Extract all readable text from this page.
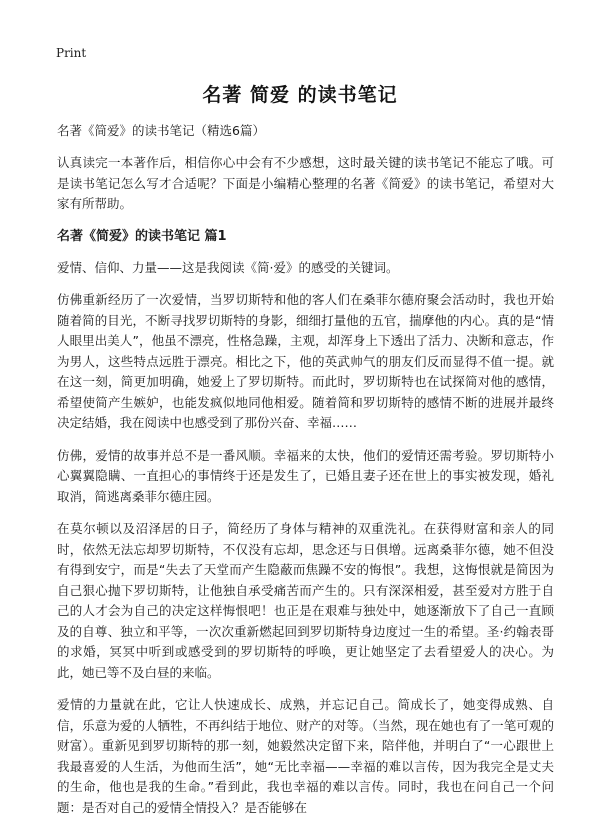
Print
名著 简爱 的读书笔记

名著《简爱》的读书笔记（精选6篇）

认真读完一本著作后，相信你心中会有不少感想，这时最关键的读书笔记不能忘了哦。可是读书笔记怎么写才合适呢？下面是小编精心整理的名著《简爱》的读书笔记，希望对大家有所帮助。

名著《简爱》的读书笔记 篇1

爱情、信仰、力量——这是我阅读《简·爱》的感受的关键词。

仿佛重新经历了一次爱情，当罗切斯特和他的客人们在桑菲尔德府聚会活动时，我也开始随着简的目光，不断寻找罗切斯特的身影，细细打量他的五官，揣摩他的内心。真的是“情人眼里出美人”，他虽不漂亮，性格急躁，主观，却浑身上下透出了活力、决断和意志，作为男人，这些特点远胜于漂亮。相比之下，他的英武帅气的朋友们反而显得不值一提。就在这一刻，简更加明确，她爱上了罗切斯特。而此时，罗切斯特也在试探简对他的感情，希望使简产生嫉妒，也能发疯似地同他相爱。随着简和罗切斯特的感情不断的进展并最终决定结婚，我在阅读中也感受到了那份兴奋、幸福……

仿佛，爱情的故事并总不是一番风顺。幸福来的太快，他们的爱情还需考验。罗切斯特小心翼翼隐瞒、一直担心的事情终于还是发生了，已婚且妻子还在世上的事实被发现，婚礼取消，简逃离桑菲尔德庄园。

在莫尔顿以及沼泽居的日子，简经历了身体与精神的双重洗礼。在获得财富和亲人的同时，依然无法忘却罗切斯特，不仅没有忘却，思念还与日俱增。远离桑菲尔德，她不但没有得到安宁，而是“失去了天堂而产生隐蔽而焦躁不安的悔恨”。我想，这悔恨就是简因为自己狠心抛下罗切斯特，让他独自承受痛苦而产生的。只有深深相爱，甚至爱对方胜于自己的人才会为自己的决定这样悔恨吧！也正是在艰难与独处中，她逐渐放下了自己一直顾及的自尊、独立和平等，一次次重新燃起回到罗切斯特身边度过一生的希望。圣·约翰表哥的求婚，冥冥中听到或感受到的罗切斯特的呼唤，更让她坚定了去看望爱人的决心。为此，她已等不及白昼的来临。

爱情的力量就在此，它让人快速成长、成熟，并忘记自己。简成长了，她变得成熟、自信，乐意为爱的人牺牲，不再纠结于地位、财产的对等。（当然，现在她也有了一笔可观的财富）。重新见到罗切斯特的那一刻，她毅然决定留下来，陪伴他，并明白了“一心跟世上我最喜爱的人生活，为他而生活”，她“无比幸福——幸福的难以言传，因为我完全是丈夫的生命，他也是我的生命。”看到此，我也幸福的难以言传。同时，我也在问自己一个问题：是否对自己的爱情全情投入？是否能够在
